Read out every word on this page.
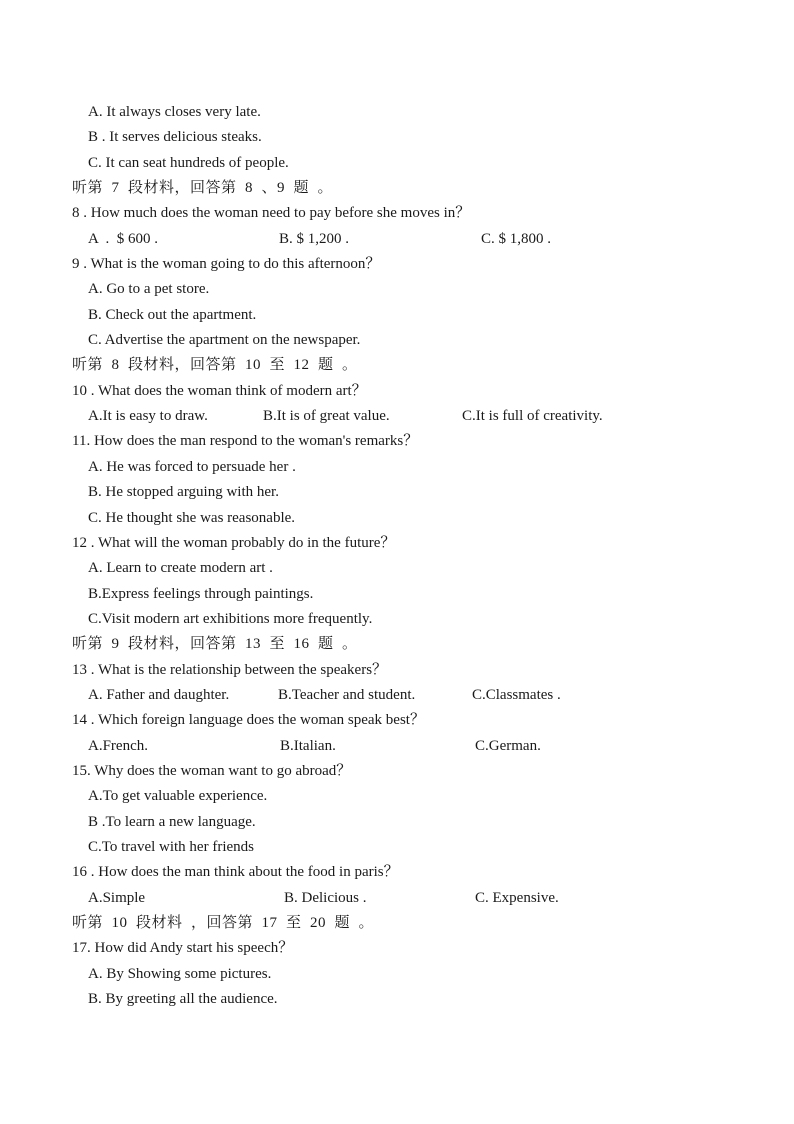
A. It always closes very late.
B . It serves delicious steaks.
C. It can seat hundreds of people.
听第  7  段材料，回答第  8  、9  题  。
8 . How much does the woman need to pay before she moves in？

A  .  $ 600 .

	B. $ 1,200 .

	C. $ 1,800 .

9 . What is the woman going to do this afternoon？
A. Go to a pet store.
B. Check out the apartment.
C. Advertise the apartment on the newspaper.
听第  8  段材料，回答第  10  至  12  题  。
10 . What does the woman think of modern art？

A.It is easy to draw.

	B.It is of great value.

	C.It is full of creativity.

11. How does the man respond to the woman's remarks？
A. He was forced to persuade her .
B. He stopped arguing with her.
C. He thought she was reasonable.
12 . What will the woman probably do in the future？
A. Learn to create modern art .
B.Express feelings through paintings.
C.Visit modern art exhibitions more frequently.
听第  9  段材料，回答第  13  至  16  题  。
13 . What is the relationship between the speakers？

A. Father and daughter.

	B.Teacher and student.

	C.Classmates .

14 . Which foreign language does the woman speak best？

A.French.

	B.Italian.

	C.German.

15. Why does the woman want to go abroad？
A.To get valuable experience.
B .To learn a new language.
C.To travel with her friends
16 . How does the man think about the food in paris？

A.Simple

	B. Delicious .

	C. Expensive.

听第  10  段材料  ，回答第  17  至  20  题  。
17. How did Andy start his speech？
A. By Showing some pictures.
B. By greeting all the audience.
